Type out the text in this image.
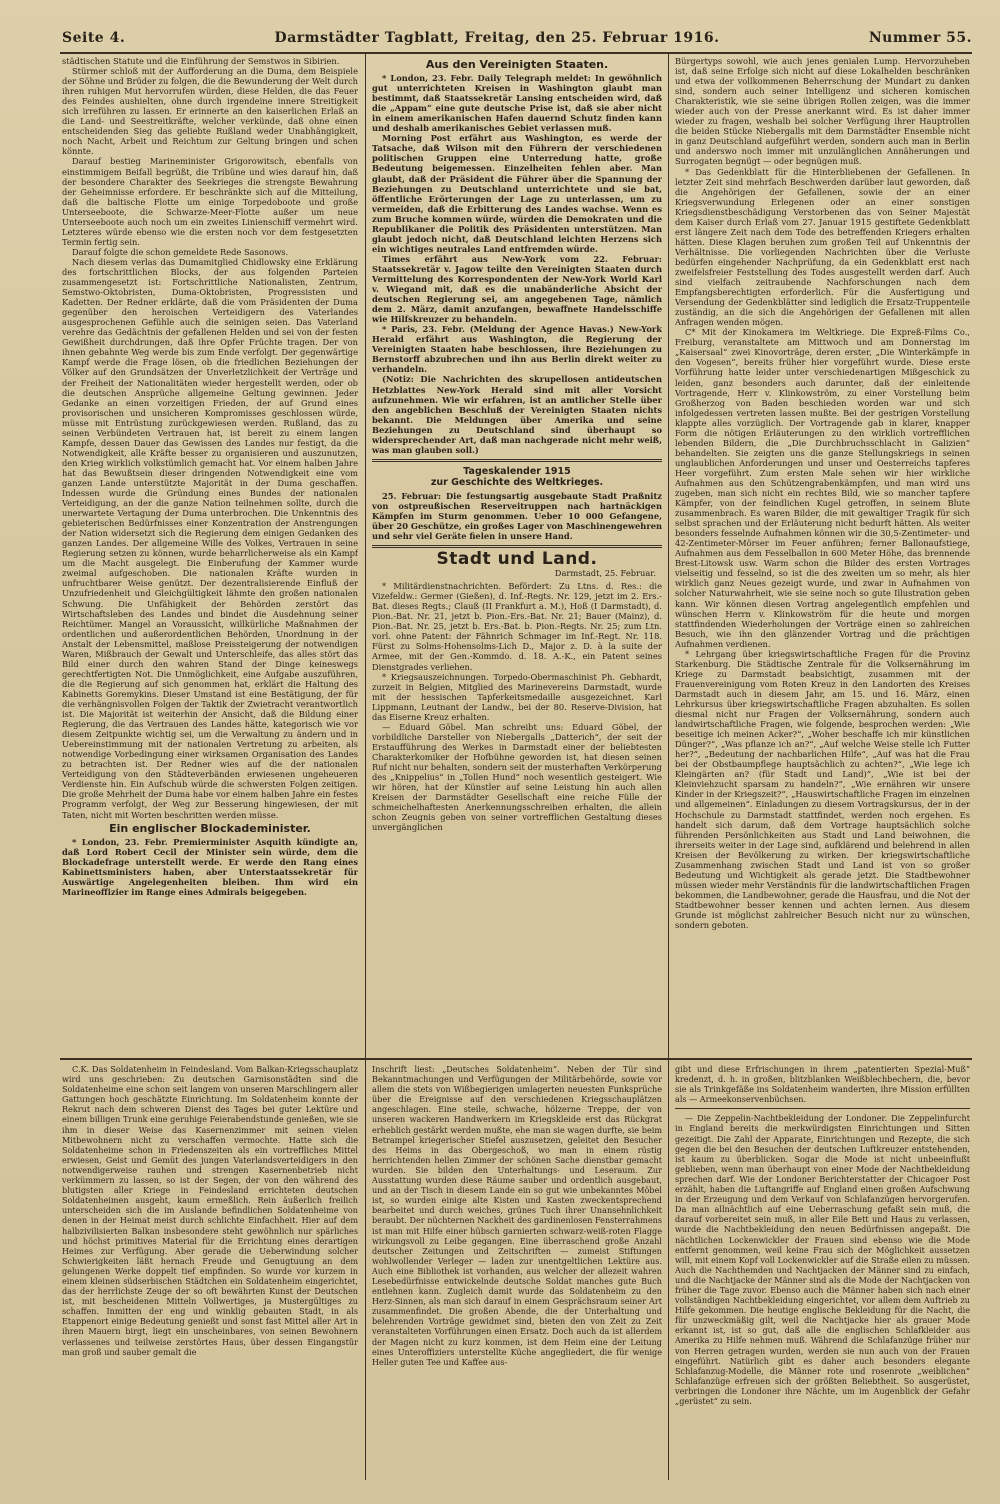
Seite 4.	Darmstädter Tagblatt, Freitag, den 25. Februar 1916.	Nummer 55.

städtischen Statute und die Einführung der Semstwos in Sibirien.

Stürmer schloß mit der Aufforderung an die Duma, dem Beispiele der Söhne und Brüder zu folgen, die die Bewunderung der Welt durch ihren ruhigen Mut hervorrufen würden, diese Helden, die das Feuer des Feindes aushielten, ohne durch irgendeine innere Streitigkeit sich irreführen zu lassen. Er erinnerte an den kaiserlichen Erlaß an die Land- und Seestreitkräfte, welcher verkünde, daß ohne einen entscheidenden Sieg das geliebte Rußland weder Unabhängigkeit, noch Nacht, Arbeit und Reichtum zur Geltung bringen und schen könnte.

Darauf bestieg Marineminister Grigorowitsch, ebenfalls von einstimmigem Beifall begrüßt, die Tribüne und wies darauf hin, daß der besondere Charakter des Seekrieges die strengste Bewahrung der Geheimnisse erfordere. Er beschränkte sich auf die Mitteilung, daß die baltische Flotte um einige Torpedoboote und große Unterseeboote, die Schwarze-Meer-Flotte außer um neue Unterseeboote auch noch um ein zweites Linienschiff vermehrt wird. Letzteres würde ebenso wie die ersten noch vor dem festgesetzten Termin fertig sein.

Darauf folgte die schon gemeldete Rede Sasonows.

Nach diesem verlas das Dumamitglied Chidlowsky eine Erklärung des fortschrittlichen Blocks, der aus folgenden Parteien zusammengesetzt ist: Fortschrittliche Nationalisten, Zentrum, Semstwo-Oktobristen, Duma-Oktobristen, Progressisten und Kadetten. Der Redner erklärte, daß die vom Präsidenten der Duma gegenüber den heroischen Verteidigern des Vaterlandes ausgesprochenen Gefühle auch die seinigen seien. Das Vaterland verehre das Gedächtnis der gefallenen Helden und sei von der festen Gewißheit durchdrungen, daß ihre Opfer Früchte tragen. Der von ihnen gebahnte Weg werde bis zum Ende verfolgt. Der gegenwärtige Kampf werde die Frage lösen, ob die friedlichen Beziehungen der Völker auf den Grundsätzen der Unverletzlichkeit der Verträge und der Freiheit der Nationalitäten wieder hergestellt werden, oder ob die deutschen Ansprüche allgemeine Geltung gewinnen. Jeder Gedanke an einen vorzeitigen Frieden, der auf Grund eines provisorischen und unsicheren Kompromisses geschlossen würde, müsse mit Entrüstung zurückgewiesen werden. Rußland, das zu seinen Verbündeten Vertrauen hat, ist bereit zu einem langen Kampfe, dessen Dauer das Gewissen des Landes nur festigt, da die Notwendigkeit, alle Kräfte besser zu organisieren und auszunutzen, den Krieg wirklich volkstümlich gemacht hat. Vor einem halben Jahre hat das Bewußtsein dieser dringenden Notwendigkeit eine vom ganzen Lande unterstützte Majorität in der Duma geschaffen. Indessen wurde die Gründung eines Bundes der nationalen Verteidigung, an der die ganze Nation teilnehmen sollte, durch die unerwartete Vertagung der Duma unterbrochen. Die Unkenntnis des gebieterischen Bedürfnisses einer Konzentration der Anstrengungen der Nation widersetzt sich die Regierung dem einigen Gedanken des ganzen Landes. Der allgemeine Wille des Volkes, Vertrauen in seine Regierung setzen zu können, wurde beharrlicherweise als ein Kampf um die Macht ausgelegt. Die Einberufung der Kammer wurde zweimal aufgeschoben. Die nationalen Kräfte wurden in unfruchtbarer Weise genützt. Der dezentralisierende Einfluß der Unzufriedenheit und Gleichgültigkeit lähmte den großen nationalen Schwung. Die Unfähigkeit der Behörden zerstört das Wirtschaftsleben des Landes und bindet die Ausdehnung seiner Reichtümer. Mangel an Voraussicht, willkürliche Maßnahmen der ordentlichen und außerordentlichen Behörden, Unordnung in der Anstalt der Lebensmittel, maßlose Preissteigerung der notwendigen Waren, Mißbrauch der Gewalt und Unterschleife, das alles stört das Bild einer durch den wahren Stand der Dinge keineswegs gerechtfertigten Not. Die Unmöglichkeit, eine Aufgabe auszuführen, die die Regierung auf sich genommen hat, erklärt die Haltung des Kabinetts Goremykins. Dieser Umstand ist eine Bestätigung, der für die verhängnisvollen Folgen der Taktik der Zwietracht verantwortlich ist. Die Majorität ist weiterhin der Ansicht, daß die Bildung einer Regierung, die das Vertrauen des Landes hätte, kategorisch wie vor diesem Zeitpunkte wichtig sei, um die Verwaltung zu ändern und in Uebereinstimmung mit der nationalen Vertretung zu arbeiten, als notwendige Vorbedingung einer wirksamen Organisation des Landes zu betrachten ist. Der Redner wies auf die der nationalen Verteidigung von den Städteverbänden erwiesenen ungeheueren Verdienste hin. Ein Aufschub würde die schwersten Folgen zeitigen. Die große Mehrheit der Duma habe vor einem halben Jahre ein festes Programm verfolgt, der Weg zur Besserung hingewiesen, der mit Taten, nicht mit Worten beschritten werden müsse.

Ein englischer Blockademinister.

* London, 23. Febr. Premierminister Asquith kündigte an, daß Lord Robert Cecil der Minister sein würde, dem die Blockadefrage unterstellt werde. Er werde den Rang eines Kabinettsministers haben, aber Unterstaatssekretär für Auswärtige Angelegenheiten bleiben. Ihm wird ein Marineoffizier im Range eines Admirals beigegeben.

Aus den Vereinigten Staaten.

* London, 23. Febr. Daily Telegraph meldet: In gewöhnlich gut unterrichteten Kreisen in Washington glaubt man bestimmt, daß Staatssekretär Lansing entscheiden wird, daß die „Appam“ eine gute deutsche Prise ist, daß sie aber nicht in einem amerikanischen Hafen dauernd Schutz finden kann und deshalb amerikanisches Gebiet verlassen muß.

Morning Post erfährt aus Washington, es werde der Tatsache, daß Wilson mit den Führern der verschiedenen politischen Gruppen eine Unterredung hatte, große Bedeutung beigemessen. Einzelheiten fehlen aber. Man glaubt, daß der Präsident die Führer über die Spannung der Beziehungen zu Deutschland unterrichtete und sie bat, öffentliche Erörterungen der Lage zu unterlassen, um zu vermeiden, daß die Erbitterung des Landes wachse. Wenn es zum Bruche kommen würde, würden die Demokraten und die Republikaner die Politik des Präsidenten unterstützen. Man glaubt jedoch nicht, daß Deutschland leichten Herzens sich ein wichtiges neutrales Land entfremden würde.

Times erfährt aus New-York vom 22. Februar: Staatssekretär v. Jagow teilte den Vereinigten Staaten durch Vermittelung des Korrespondenten der New-York World Karl v. Wiegand mit, daß es die unabänderliche Absicht der deutschen Regierung sei, am angegebenen Tage, nämlich dem 2. März, damit anzufangen, bewaffnete Handelsschiffe wie Hilfskreuzer zu behandeln.

* Paris, 23. Febr. (Meldung der Agence Havas.) New-York Herald erfährt aus Washington, die Regierung der Vereinigten Staaten habe beschlossen, ihre Beziehungen zu Bernstorff abzubrechen und ihn aus Berlin direkt weiter zu verhandeln.

(Notiz: Die Nachrichten des skrupellosen antideutschen Hetzblattes New-York Herald sind mit aller Vorsicht aufzunehmen. Wie wir erfahren, ist an amtlicher Stelle über den angeblichen Beschluß der Vereinigten Staaten nichts bekannt. Die Meldungen über Amerika und seine Beziehungen zu Deutschland sind überhaupt so widersprechender Art, daß man nachgerade nicht mehr weiß, was man glauben soll.)

Tageskalender 1915
zur Geschichte des Weltkrieges.

25. Februar: Die festungsartig ausgebaute Stadt Praßnitz von ostpreußischen Reserveitruppen nach hartnäckigen Kämpfen im Sturm genommen. Ueber 10 000 Gefangene, über 20 Geschütze, ein großes Lager von Maschinengewehren und sehr viel Geräte fielen in unsere Hand.

Stadt und Land.
Darmstadt, 25. Februar.

* Militärdienstnachrichten. Befördert: Zu Ltns. d. Res.: die Vizefeldw.: Germer (Gießen), d. Inf.-Regts. Nr. 129, jetzt im 2. Ers.-Bat. dieses Regts.; Clauß (II Frankfurt a. M.), Hoß (I Darmstadt), d. Pion.-Bat. Nr. 21, jetzt b. Pion.-Ers.-Bat. Nr. 21; Bauer (Mainz), d. Pion.-Bat. Nr. 25, jetzt b. Ers.-Bat. b. Pion.-Regts. Nr. 25; zum Ltn. vorl. ohne Patent: der Fähnrich Schmager im Inf.-Regt. Nr. 118. Fürst zu Solms-Hohensolms-Lich D., Major z. D. à la suite der Armee, mit der Gen.-Kommdo. d. 18. A.-K., ein Patent seines Dienstgrades verliehen.

* Kriegsauszeichnungen. Torpedo-Obermaschinist Ph. Gebhardt, zurzeit in Belgien, Mitglied des Marinevereins Darmstadt, wurde mit der hessischen Tapferkeitsmedaille ausgezeichnet. Karl Lippmann, Leutnant der Landw., bei der 80. Reserve-Division, hat das Eiserne Kreuz erhalten.

— Eduard Göbel. Man schreibt uns: Eduard Göbel, der vorbildliche Darsteller von Niebergalls „Datterich“, der seit der Erstaufführung des Werkes in Darmstadt einer der beliebtesten Charakterkomiker der Hofbühne geworden ist, hat diesen seinen Ruf nicht nur behalten, sondern seit der musterhaften Verkörperung des „Knippelius“ in „Tollen Hund“ noch wesentlich gesteigert. Wie wir hören, hat der Künstler auf seine Leistung hin auch allen Kreisen der Darmstädter Gesellschaft eine reiche Fülle der schmeichelhaftesten Anerkennungsschreiben erhalten, die allein schon Zeugnis geben von seiner vortrefflichen Gestaltung dieses unvergänglichen

Bürgertyps sowohl, wie auch jenes genialen Lump. Hervorzuheben ist, daß seine Erfolge sich nicht auf diese Lokalhelden beschränken und etwa der vollkommenen Beherrschung der Mundart zu danken sind, sondern auch seiner Intelligenz und sicheren komischen Charakteristik, wie sie seine übrigen Rollen zeigen, was die immer wieder auch von der Presse anerkannt wird. Es ist daher immer wieder zu fragen, weshalb bei solcher Verfügung ihrer Hauptrollen die beiden Stücke Niebergalls mit dem Darmstädter Ensemble nicht in ganz Deutschland aufgeführt werden, sondern auch man in Berlin und anderswo noch immer mit unzulänglichen Annäherungen und Surrogaten begnügt — oder begnügen muß.

* Das Gedenkblatt für die Hinterbliebenen der Gefallenen. In letzter Zeit sind mehrfach Beschwerden darüber laut geworden, daß die Angehörigen der Gefallenen, sowie der an einer Kriegsverwundung Erlegenen oder an einer sonstigen Kriegsdienstbeschädigung Verstorbenen das von Seiner Majestät dem Kaiser durch Erlaß vom 27. Januar 1915 gestiftete Gedenkblatt erst längere Zeit nach dem Tode des betreffenden Kriegers erhalten hätten. Diese Klagen beruhen zum großen Teil auf Unkenntnis der Verhältnisse. Die vorliegenden Nachrichten über die Verluste bedürfen eingehender Nachprüfung, da ein Gedenkblatt erst nach zweifelsfreier Feststellung des Todes ausgestellt werden darf. Auch sind vielfach zeitraubende Nachforschungen nach dem Empfangsberechtigten erforderlich. Für die Ausfertigung und Versendung der Gedenkblätter sind lediglich die Ersatz-Truppenteile zuständig, an die sich die Angehörigen der Gefallenen mit allen Anfragen wenden mögen.

C* Mit der Kinokamera im Weltkriege. Die Expreß-Films Co., Freiburg, veranstaltete am Mittwoch und am Donnerstag im „Kaisersaal“ zwei Kinovorträge, deren erster, „Die Winterkämpfe in den Vogesen“, bereits früher hier vorgeführt wurde. Diese erste Vorführung hatte leider unter verschiedenartigen Mißgeschick zu leiden, ganz besonders auch darunter, daß der einleitende Vortragende, Herr v. Klinkowström, zu einer Vorstellung beim Großherzog von Baden beschieden worden war und sich infolgedessen vertreten lassen mußte. Bei der gestrigen Vorstellung klappte alles vorzüglich. Der Vortragende gab in klarer, knapper Form die nötigen Erläuterungen zu den wirklich vortrefflichen lebenden Bildern, die „Die Durchbruchsschlacht in Galizien“ behandelten. Sie zeigten uns die ganze Stellungskriegs in seinen unglaublichen Anforderungen und unser und Oesterreichs tapferes Heer vorgeführt. Zum ersten Male sehen wir hier wirkliche Aufnahmen aus den Schützengrabenkämpfen, und man wird uns zugeben, man sich nicht ein rechtes Bild, wie so mancher tapfere Kämpfer, von der feindlichen Kugel getroffen, in seinem Blute zusammenbrach. Es waren Bilder, die mit gewaltiger Tragik für sich selbst sprachen und der Erläuterung nicht bedurft hätten. Als weiter besonders fesselnde Aufnahmen können wir die 30,5-Zentimeter- und 42-Zentimeter-Mörser im Feuer anführen; ferner Ballonaufstiege, Aufnahmen aus dem Fesselballon in 600 Meter Höhe, das brennende Brest-Litowsk usw. Warm schon die Bilder des ersten Vortrages vielseitig und fesselnd, so ist die des zweiten um so mehr, als hier wirklich ganz Neues gezeigt wurde, und zwar in Aufnahmen von solcher Naturwahrheit, wie sie seine noch so gute Illustration geben kann. Wir können diesen Vortrag angelegentlich empfehlen und wünschen Herrn v. Klinkowström für die heute und morgen stattfindenden Wiederholungen der Vorträge einen so zahlreichen Besuch, wie ihn den glänzender Vortrag und die prächtigen Aufnahmen verdienen.

* Lehrgang über kriegswirtschaftliche Fragen für die Provinz Starkenburg. Die Städtische Zentrale für die Volksernährung im Kriege zu Darmstadt beabsichtigt, zusammen mit der Frauenvereinigung vom Roten Kreuz in den Landorten des Kreises Darmstadt auch in diesem Jahr, am 15. und 16. März, einen Lehrkursus über kriegswirtschaftliche Fragen abzuhalten. Es sollen diesmal nicht nur Fragen der Volksernährung, sondern auch landwirtschaftliche Fragen, wie folgende, besprochen werden: „Wie beseitige ich meinen Acker?“, „Woher beschaffe ich mir künstlichen Dünger?“, „Was pflanze ich an?“, „Auf welche Weise stelle ich Futter her?“, „Bedeutung der nachbarlichen Hilfe“, „Auf was hat die Frau bei der Obstbaumpflege hauptsächlich zu achten?“, „Wie lege ich Kleingärten an? (für Stadt und Land)“, „Wie ist bei der Kleinviehzucht sparsam zu handeln?“, „Wie ernähren wir unsere Kinder in der Kriegszeit?“, „Hauswirtschaftliche Fragen im einzelnen und allgemeinen“. Einladungen zu diesem Vortragskursus, der in der Hochschule zu Darmstadt stattfindet, werden noch ergehen. Es handelt sich darum, daß dem Vortrage hauptsächlich solche führenden Persönlichkeiten aus Stadt und Land beiwohnen, die ihrerseits weiter in der Lage sind, aufklärend und belehrend in allen Kreisen der Bevölkerung zu wirken. Der kriegswirtschaftliche Zusammenhang zwischen Stadt und Land ist von so großer Bedeutung und Wichtigkeit als gerade jetzt. Die Stadtbewohner müssen wieder mehr Verständnis für die landwirtschaftlichen Fragen bekommen, die Landbewohner, gerade die Hausfrau, und die Not der Stadtbewohner besser kennen und achten lernen. Aus diesem Grunde ist möglichst zahlreicher Besuch nicht nur zu wünschen, sondern geboten.

C.K. Das Soldatenheim in Feindesland. Vom Balkan-Kriegsschauplatz wird uns geschrieben: Zu deutschen Garnisonstädten sind die Soldatenheime eine schon seit langem von unseren Marschlingern aller Gattungen hoch geschätzte Einrichtung. Im Soldatenheim konnte der Rekrut nach dem schweren Dienst des Tages bei guter Lektüre und einem billigen Trunk eine geruhige Feierabendstunde genießen, wie sie ihm in dieser Weise das Kasernenzimmer mit seinen vielen Mitbewohnern nicht zu verschaffen vermochte. Hatte sich die Soldatenheime schon in Friedenszeiten als ein vortreffliches Mittel erwiesen, Geist und Gemüt des jungen Vaterlandsverteidigers in den notwendigerweise rauhen und strengen Kasernenbetrieb nicht verkümmern zu lassen, so ist der Segen, der von den während des blutigsten aller Kriege in Feindesland errichteten deutschen Soldatenheimen ausgeht, kaum ermeßlich. Rein äußerlich freilich unterscheiden sich die im Auslande befindlichen Soldatenheime von denen in der Heimat meist durch schlichte Einfachheit. Hier auf dem halbzivilisierten Balkan insbesondere steht gewöhnlich nur spärliches und höchst primitives Material für die Errichtung eines derartigen Heimes zur Verfügung. Aber gerade die Ueberwindung solcher Schwierigkeiten läßt hernach Freude und Genugtuung an dem gelungenen Werke doppelt tief empfinden. So wurde vor kurzem in einem kleinen südserbischen Städtchen ein Soldatenheim eingerichtet, das der herrlichste Zeuge der so oft bewährten Kunst der Deutschen ist, mit bescheidenen Mitteln Vollwertiges, ja Mustergültiges zu schaffen. Inmitten der eng und winklig gebauten Stadt, in als Etappenort einige Bedeutung genießt und sonst fast Mittel aller Art in ihren Mauern birgt, liegt ein unscheinbares, von seinen Bewohnern verlassenes und teilweise zerstörtes Haus, über dessen Eingangstür man groß und sauber gemalt die

Inschrift liest: „Deutsches Soldatenheim“. Neben der Tür sind Bekanntmachungen und Verfügungen der Militärbehörde, sowie vor allem die stets von Wißbegierigen umlagerten neuesten Funksprüche über die Ereignisse auf den verschiedenen Kriegsschauplätzen angeschlagen. Eine steile, schwache, hölzerne Treppe, der von unseren wackeren Handwerkern im Kriegskleide erst das Rückgrat erheblich gestärkt werden mußte, ehe man sie wagen durfte, sie beim Betrampel kriegerischer Stiefel auszusetzen, geleitet den Besucher des Heims in das Obergeschoß, wo man in einem rüstig herrichtenden hellen Zimmer der schönen Sache dienstbar gemacht wurden. Sie bilden den Unterhaltungs- und Leseraum. Zur Ausstattung wurden diese Räume sauber und ordentlich ausgebaut, und an der Tisch in diesem Lande ein so gut wie unbekanntes Möbel ist, so wurden einige alte Kisten und Kasten zweckentsprechend bearbeitet und durch weiches, grünes Tuch ihrer Unansehnlichkeit beraubt. Der nüchternen Nackheit des gardinenlosen Fensterrahmens ist man mit Hilfe einer hübsch garnierten schwarz-weiß-roten Flagge wirkungsvoll zu Leibe gegangen. Eine überraschend große Anzahl deutscher Zeitungen und Zeitschriften — zumeist Stiftungen wohlwollender Verleger — laden zur unentgeltlichen Lektüre aus. Auch eine Bibliothek ist vorhanden, aus welcher der allezeit wahren Lesebedürfnisse entwickelnde deutsche Soldat manches gute Buch entlehnen kann. Zugleich damit wurde das Soldatenheim zu den Herz-Sinnen, als man sich darauf in einem Gesprächsraum seiner Art zusammenfindet. Die großen Abende, die der Unterhaltung und belehrenden Vorträge gewidmet sind, bieten den von Zeit zu Zeit veranstalteten Vorführungen einen Ersatz. Doch auch da ist allerdem der Magen nicht zu kurz kommen, ist dem Heim eine der Leitung eines Unteroffiziers unterstellte Küche angegliedert, die für wenige Heller guten Tee und Kaffee aus-

gibt und diese Erfrischungen in ihrem „patentierten Spezial-Muß“ kredenzt, d. h. in großen, blitzblanken Weißblechbechern, die, bevor sie als Trinkgefäße ins Soldatenheim wanderten, ihre Mission erfüllten als — Armeekonservenbüchsen.

— Die Zeppelin-Nachtbekleidung der Londoner. Die Zeppelinfurcht in England bereits die merkwürdigsten Einrichtungen und Sitten gezeitigt. Die Zahl der Apparate, Einrichtungen und Rezepte, die sich gegen die bei den Besuchen der deutschen Luftkreuzer entstehenden, ist kaum zu überblicken. Sogar die Mode ist nicht unbeeinflußt geblieben, wenn man überhaupt von einer Mode der Nachtbekleidung sprechen darf. Wie der Londoner Berichterstatter der Chicagoer Post erzählt, haben die Luftangriffe auf England einen großen Aufschwung in der Erzeugung und dem Verkauf von Schlafanzügen hervorgerufen. Da man allnächtlich auf eine Ueberraschung gefaßt sein muß, die darauf vorbereitet sein muß, in aller Eile Bett und Haus zu verlassen, wurde die Nachtbekleidung den neuen Bedürfnissen angepaßt. Die nächtlichen Lockenwickler der Frauen sind ebenso wie die Mode entfernt genommen, weil keine Frau sich der Möglichkeit aussetzen will, mit einem Kopf voll Lockenwickler auf die Straße eilen zu müssen. Auch die Nachthemden und Nachtjacken der Männer sind zu einfach, und die Nachtjacke der Männer sind als die Mode der Nachtjacken von früher die Tage zuvor. Ebenso auch die Männer haben sich nach einer vollständigen Nachtbekleidung eingerichtet, vor allem dem Auftrieb zu Hilfe gekommen. Die heutige englische Bekleidung für die Nacht, die für unzweckmäßig gilt, weil die Nachtjacke hier als grauer Mode erkannt ist, ist so gut, daß alle die englischen Schlafkleider aus Amerika zu Hilfe nehmen muß. Während die Schlafanzüge früher nur von Herren getragen wurden, werden sie nun auch von der Frauen eingeführt. Natürlich gibt es daher auch besonders elegante Schlafanzug-Modelle, die Männer rote und rosenrote „weiblichen“ Schlafanzüge erfreuen sich der größten Beliebtheit. So ausgerüstet, verbringen die Londoner ihre Nächte, um im Augenblick der Gefahr „gerüstet“ zu sein.
